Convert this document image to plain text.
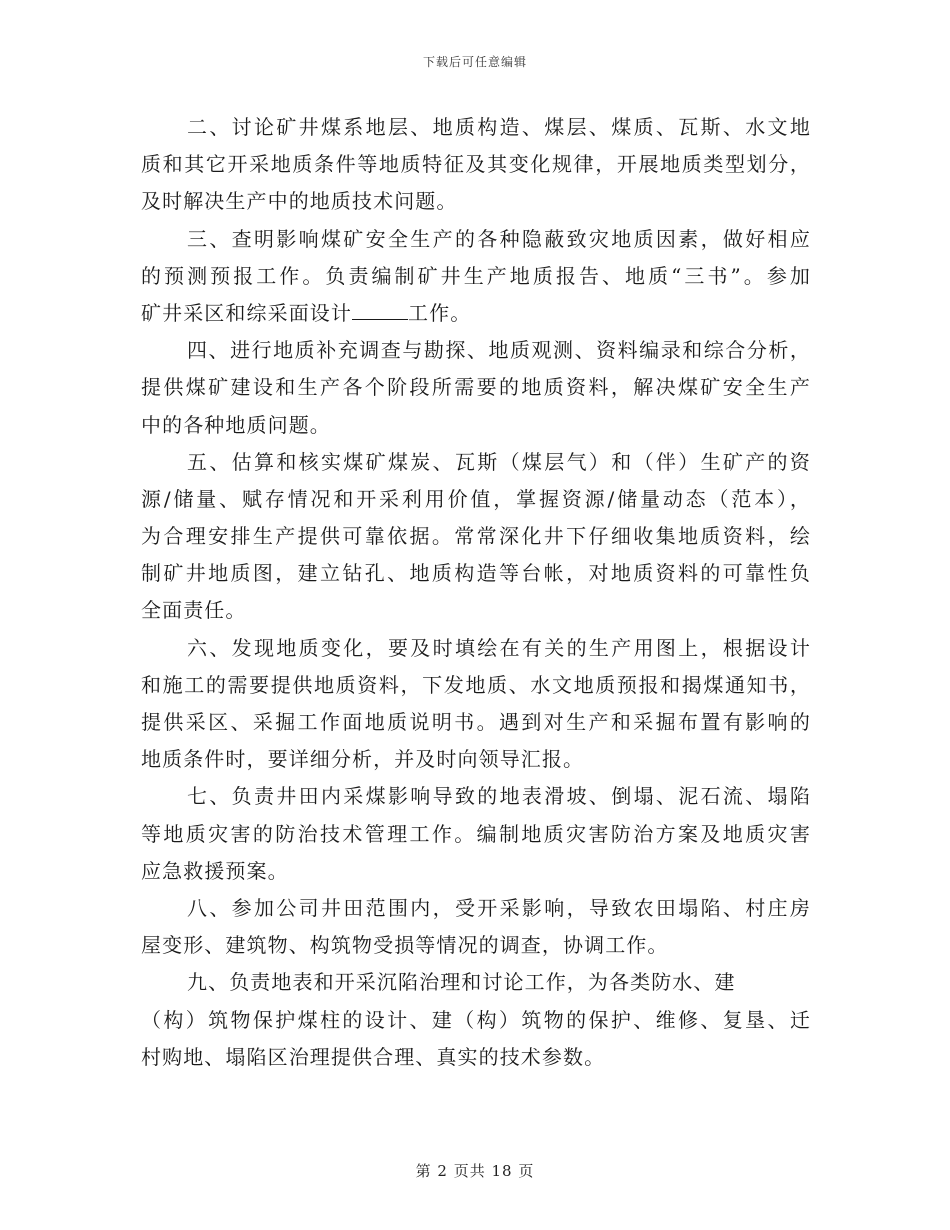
下载后可任意编辑
二、讨论矿井煤系地层、地质构造、煤层、煤质、瓦斯、水文地
质和其它开采地质条件等地质特征及其变化规律，开展地质类型划分，
及时解决生产中的地质技术问题。
三、查明影响煤矿安全生产的各种隐蔽致灾地质因素，做好相应
的预测预报工作。负责编制矿井生产地质报告、地质“三书”。参加
矿井采区和综采面设计	工作。
四、进行地质补充调查与勘探、地质观测、资料编录和综合分析，
提供煤矿建设和生产各个阶段所需要的地质资料，解决煤矿安全生产
中的各种地质问题。
五、估算和核实煤矿煤炭、瓦斯（煤层气）和（伴）生矿产的资
源/储量、赋存情况和开采利用价值，掌握资源/储量动态（范本），
为合理安排生产提供可靠依据。常常深化井下仔细收集地质资料，绘
制矿井地质图，建立钻孔、地质构造等台帐，对地质资料的可靠性负
全面责任。
六、发现地质变化，要及时填绘在有关的生产用图上，根据设计
和施工的需要提供地质资料，下发地质、水文地质预报和揭煤通知书，
提供采区、采掘工作面地质说明书。遇到对生产和采掘布置有影响的
地质条件时，要详细分析，并及时向领导汇报。
七、负责井田内采煤影响导致的地表滑坡、倒塌、泥石流、塌陷
等地质灾害的防治技术管理工作。编制地质灾害防治方案及地质灾害
应急救援预案。
八、参加公司井田范围内，受开采影响，导致农田塌陷、村庄房
屋变形、建筑物、构筑物受损等情况的调查，协调工作。
九、负责地表和开采沉陷治理和讨论工作，为各类防水、建
（构）筑物保护煤柱的设计、建（构）筑物的保护、维修、复垦、迁
村购地、塌陷区治理提供合理、真实的技术参数。
第 2 页共 18 页
